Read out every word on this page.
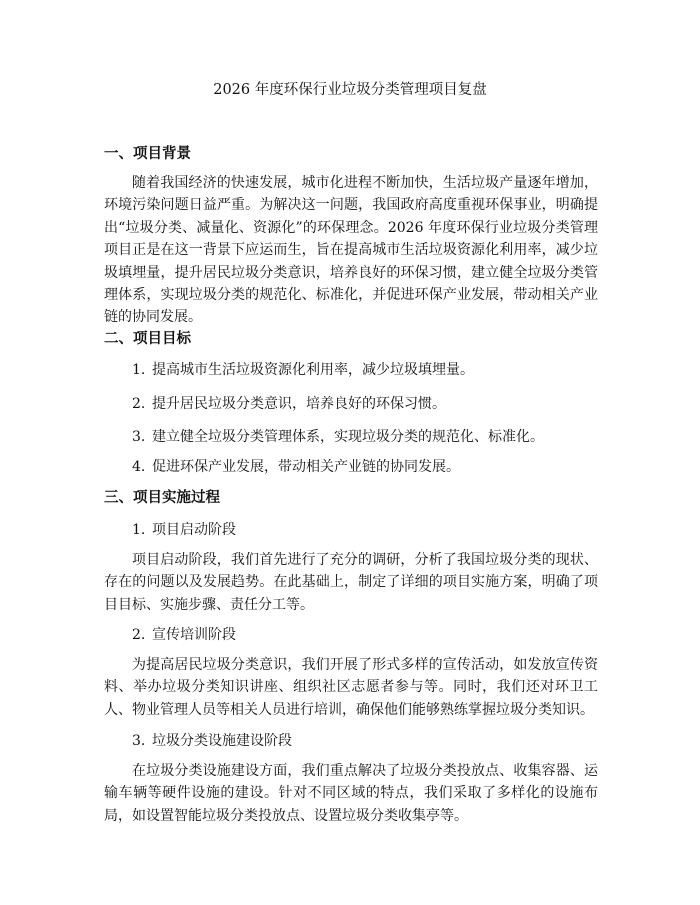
2026 年度环保行业垃圾分类管理项目复盘
一、项目背景
随着我国经济的快速发展，城市化进程不断加快，生活垃圾产量逐年增加，环境污染问题日益严重。为解决这一问题，我国政府高度重视环保事业，明确提出“垃圾分类、减量化、资源化”的环保理念。2026 年度环保行业垃圾分类管理项目正是在这一背景下应运而生，旨在提高城市生活垃圾资源化利用率，减少垃圾填埋量，提升居民垃圾分类意识，培养良好的环保习惯，建立健全垃圾分类管理体系，实现垃圾分类的规范化、标准化，并促进环保产业发展，带动相关产业链的协同发展。
二、项目目标
1. 提高城市生活垃圾资源化利用率，减少垃圾填埋量。
2. 提升居民垃圾分类意识，培养良好的环保习惯。
3. 建立健全垃圾分类管理体系，实现垃圾分类的规范化、标准化。
4. 促进环保产业发展，带动相关产业链的协同发展。
三、项目实施过程
1. 项目启动阶段
项目启动阶段，我们首先进行了充分的调研，分析了我国垃圾分类的现状、存在的问题以及发展趋势。在此基础上，制定了详细的项目实施方案，明确了项目目标、实施步骤、责任分工等。
2. 宣传培训阶段
为提高居民垃圾分类意识，我们开展了形式多样的宣传活动，如发放宣传资料、举办垃圾分类知识讲座、组织社区志愿者参与等。同时，我们还对环卫工人、物业管理人员等相关人员进行培训，确保他们能够熟练掌握垃圾分类知识。
3. 垃圾分类设施建设阶段
在垃圾分类设施建设方面，我们重点解决了垃圾分类投放点、收集容器、运输车辆等硬件设施的建设。针对不同区域的特点，我们采取了多样化的设施布局，如设置智能垃圾分类投放点、设置垃圾分类收集亭等。
